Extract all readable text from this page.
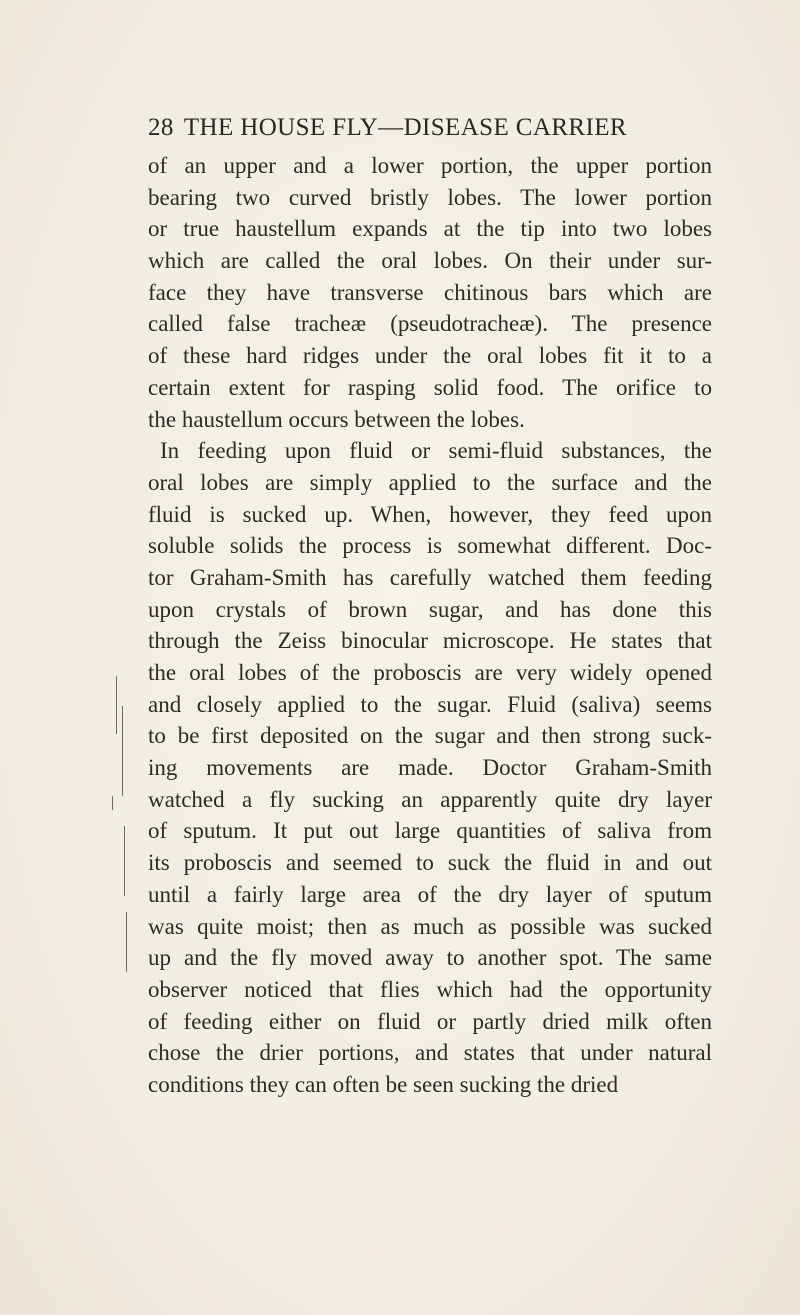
28 THE HOUSE FLY—DISEASE CARRIER
of an upper and a lower portion, the upper portion
bearing two curved bristly lobes. The lower portion
or true haustellum expands at the tip into two lobes
which are called the oral lobes. On their under sur-
face they have transverse chitinous bars which are
called false tracheæ (pseudotracheæ). The presence
of these hard ridges under the oral lobes fit it to a
certain extent for rasping solid food. The orifice to
the haustellum occurs between the lobes.
In feeding upon fluid or semi-fluid substances, the
oral lobes are simply applied to the surface and the
fluid is sucked up. When, however, they feed upon
soluble solids the process is somewhat different. Doc-
tor Graham-Smith has carefully watched them feeding
upon crystals of brown sugar, and has done this
through the Zeiss binocular microscope. He states that
the oral lobes of the proboscis are very widely opened
and closely applied to the sugar. Fluid (saliva) seems
to be first deposited on the sugar and then strong suck-
ing movements are made. Doctor Graham-Smith
watched a fly sucking an apparently quite dry layer
of sputum. It put out large quantities of saliva from
its proboscis and seemed to suck the fluid in and out
until a fairly large area of the dry layer of sputum
was quite moist; then as much as possible was sucked
up and the fly moved away to another spot. The same
observer noticed that flies which had the opportunity
of feeding either on fluid or partly dried milk often
chose the drier portions, and states that under natural
conditions they can often be seen sucking the dried
